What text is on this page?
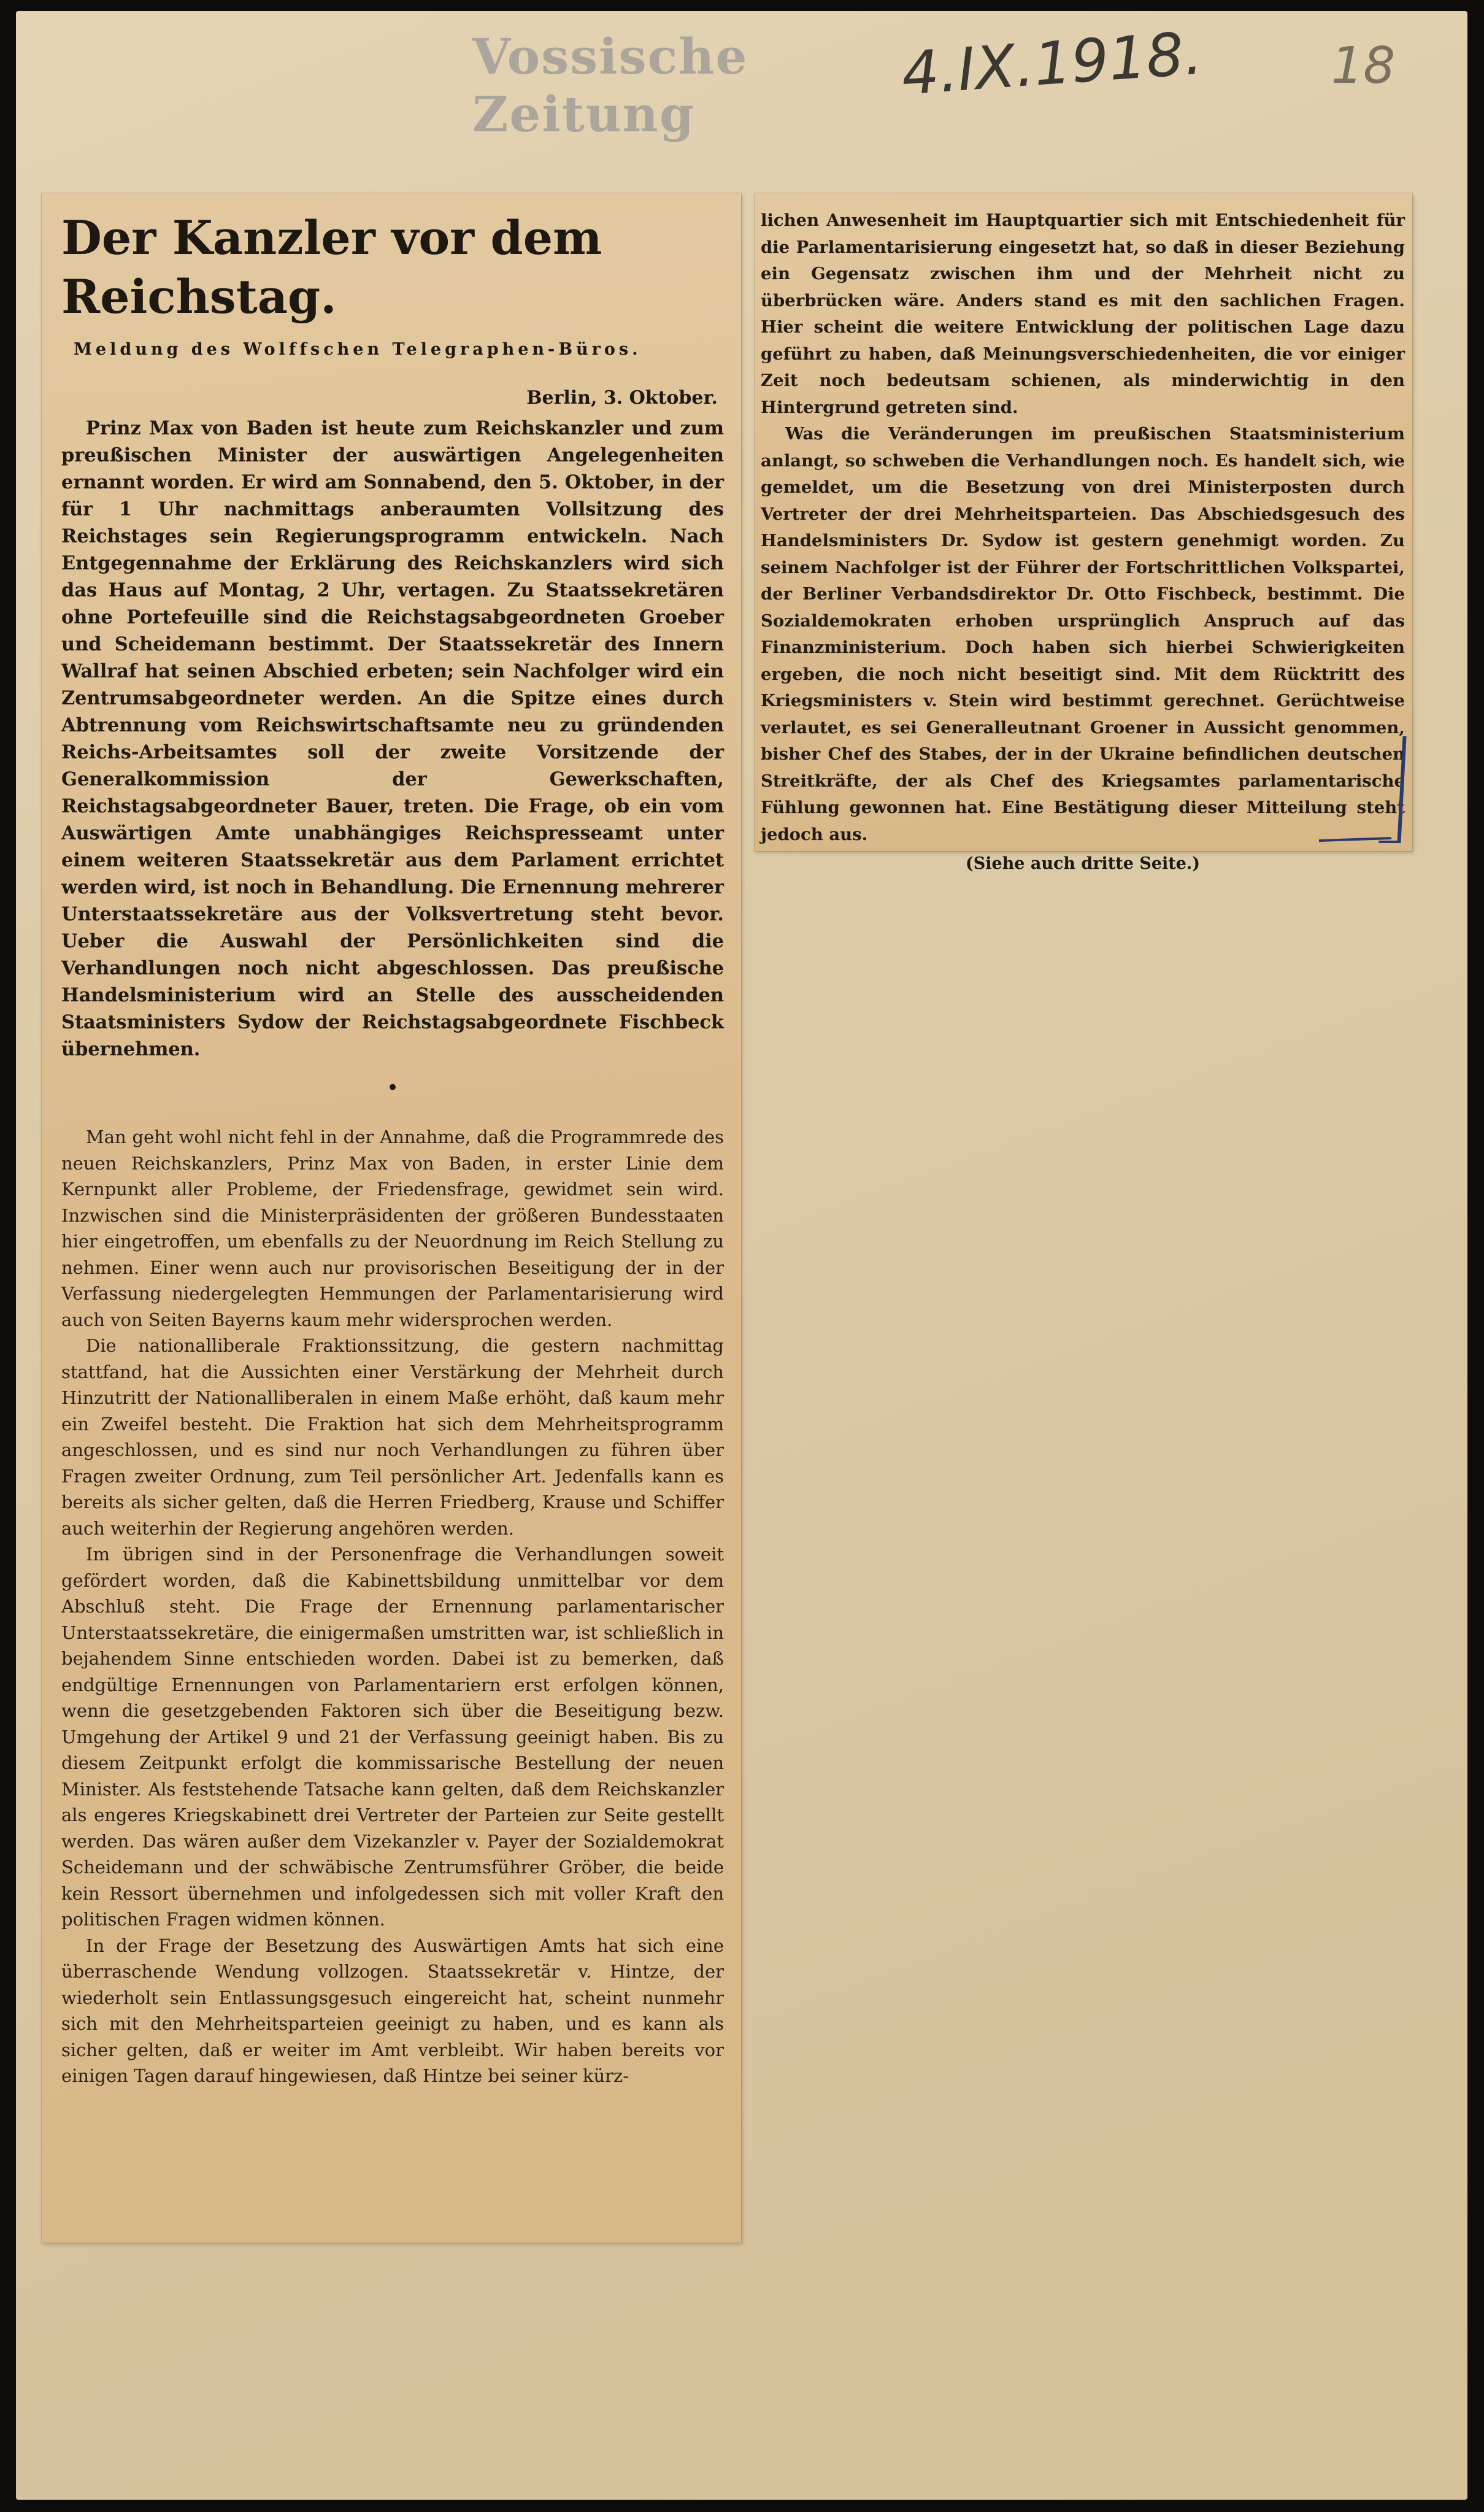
Vossische Zeitung
4.IX.1918.	18
Der Kanzler vor dem Reichstag.
Meldung des Wolffschen Telegraphen-Büros.
Berlin, 3. Oktober.

Prinz Max von Baden ist heute zum Reichskanzler und zum preußischen Minister der auswärtigen Angelegenheiten ernannt worden. Er wird am Sonnabend, den 5. Oktober, in der für 1 Uhr nachmittags anberaumten Vollsitzung des Reichstages sein Regierungsprogramm entwickeln. Nach Entgegennahme der Erklärung des Reichskanzlers wird sich das Haus auf Montag, 2 Uhr, vertagen. Zu Staatssekretären ohne Portefeuille sind die Reichstagsabgeordneten Groeber und Scheidemann bestimmt. Der Staatssekretär des Innern Wallraf hat seinen Abschied erbeten; sein Nachfolger wird ein Zentrumsabgeordneter werden. An die Spitze eines durch Abtrennung vom Reichswirtschaftsamte neu zu gründenden Reichs-Arbeitsamtes soll der zweite Vorsitzende der Generalkommission der Gewerkschaften, Reichstagsabgeordneter Bauer, treten. Die Frage, ob ein vom Auswärtigen Amte unabhängiges Reichspresseamt unter einem weiteren Staatssekretär aus dem Parlament errichtet werden wird, ist noch in Behandlung. Die Ernennung mehrerer Unterstaatssekretäre aus der Volksvertretung steht bevor. Ueber die Auswahl der Persönlichkeiten sind die Verhandlungen noch nicht abgeschlossen. Das preußische Handelsministerium wird an Stelle des ausscheidenden Staatsministers Sydow der Reichstagsabgeordnete Fischbeck übernehmen.

•

Man geht wohl nicht fehl in der Annahme, daß die Programmrede des neuen Reichskanzlers, Prinz Max von Baden, in erster Linie dem Kernpunkt aller Probleme, der Friedensfrage, gewidmet sein wird. Inzwischen sind die Ministerpräsidenten der größeren Bundesstaaten hier eingetroffen, um ebenfalls zu der Neuordnung im Reich Stellung zu nehmen. Einer wenn auch nur provisorischen Beseitigung der in der Verfassung niedergelegten Hemmungen der Parlamentarisierung wird auch von Seiten Bayerns kaum mehr widersprochen werden.

Die nationalliberale Fraktionssitzung, die gestern nachmittag stattfand, hat die Aussichten einer Verstärkung der Mehrheit durch Hinzutritt der Nationalliberalen in einem Maße erhöht, daß kaum mehr ein Zweifel besteht. Die Fraktion hat sich dem Mehrheitsprogramm angeschlossen, und es sind nur noch Verhandlungen zu führen über Fragen zweiter Ordnung, zum Teil persönlicher Art. Jedenfalls kann es bereits als sicher gelten, daß die Herren Friedberg, Krause und Schiffer auch weiterhin der Regierung angehören werden.

Im übrigen sind in der Personenfrage die Verhandlungen soweit gefördert worden, daß die Kabinettsbildung unmittelbar vor dem Abschluß steht. Die Frage der Ernennung parlamentarischer Unterstaatssekretäre, die einigermaßen umstritten war, ist schließlich in bejahendem Sinne entschieden worden. Dabei ist zu bemerken, daß endgültige Ernennungen von Parlamentariern erst erfolgen können, wenn die gesetzgebenden Faktoren sich über die Beseitigung bezw. Umgehung der Artikel 9 und 21 der Verfassung geeinigt haben. Bis zu diesem Zeitpunkt erfolgt die kommissarische Bestellung der neuen Minister. Als feststehende Tatsache kann gelten, daß dem Reichskanzler als engeres Kriegskabinett drei Vertreter der Parteien zur Seite gestellt werden. Das wären außer dem Vizekanzler v. Payer der Sozialdemokrat Scheidemann und der schwäbische Zentrumsführer Gröber, die beide kein Ressort übernehmen und infolgedessen sich mit voller Kraft den politischen Fragen widmen können.

In der Frage der Besetzung des Auswärtigen Amts hat sich eine überraschende Wendung vollzogen. Staatssekretär v. Hintze, der wiederholt sein Entlassungsgesuch eingereicht hat, scheint nunmehr sich mit den Mehrheitsparteien geeinigt zu haben, und es kann als sicher gelten, daß er weiter im Amt verbleibt. Wir haben bereits vor einigen Tagen darauf hingewiesen, daß Hintze bei seiner kürz-

lichen Anwesenheit im Hauptquartier sich mit Entschiedenheit für die Parlamentarisierung eingesetzt hat, so daß in dieser Beziehung ein Gegensatz zwischen ihm und der Mehrheit nicht zu überbrücken wäre. Anders stand es mit den sachlichen Fragen. Hier scheint die weitere Entwicklung der politischen Lage dazu geführt zu haben, daß Meinungsverschiedenheiten, die vor einiger Zeit noch bedeutsam schienen, als minderwichtig in den Hintergrund getreten sind.

Was die Veränderungen im preußischen Staatsministerium anlangt, so schweben die Verhandlungen noch. Es handelt sich, wie gemeldet, um die Besetzung von drei Ministerposten durch Vertreter der drei Mehrheitsparteien. Das Abschiedsgesuch des Handelsministers Dr. Sydow ist gestern genehmigt worden. Zu seinem Nachfolger ist der Führer der Fortschrittlichen Volkspartei, der Berliner Verbandsdirektor Dr. Otto Fischbeck, bestimmt. Die Sozialdemokraten erhoben ursprünglich Anspruch auf das Finanzministerium. Doch haben sich hierbei Schwierigkeiten ergeben, die noch nicht beseitigt sind. Mit dem Rücktritt des Kriegsministers v. Stein wird bestimmt gerechnet. Gerüchtweise verlautet, es sei Generalleutnant Groener in Aussicht genommen, bisher Chef des Stabes, der in der Ukraine befindlichen deutschen Streitkräfte, der als Chef des Kriegsamtes parlamentarische Fühlung gewonnen hat. Eine Bestätigung dieser Mitteilung steht jedoch aus.

(Siehe auch dritte Seite.)
